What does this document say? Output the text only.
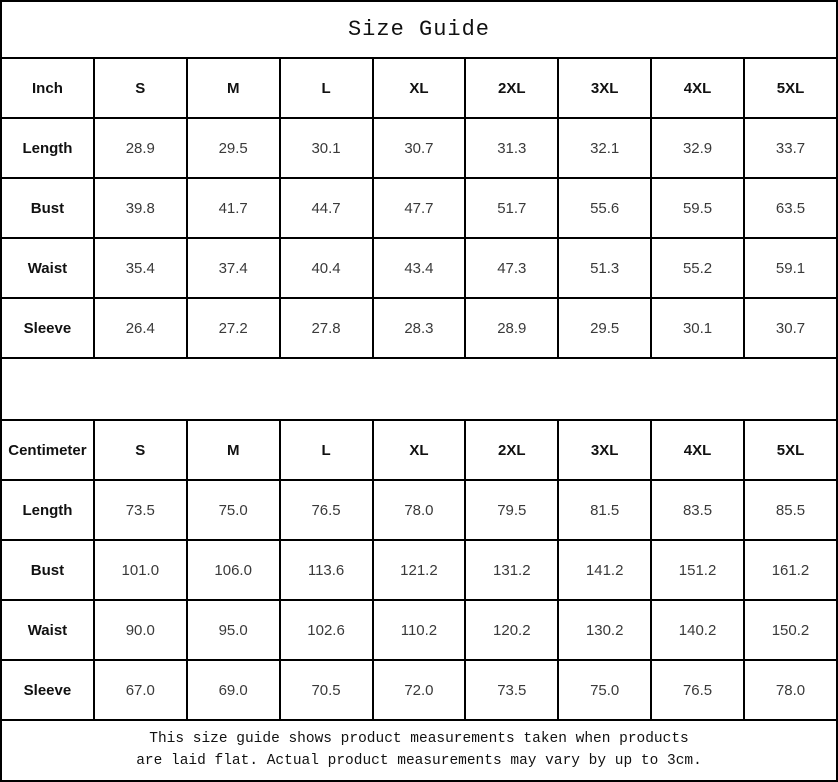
Size Guide
Inch	S	M	L	XL	2XL	3XL	4XL	5XL
Length	28.9	29.5	30.1	30.7	31.3	32.1	32.9	33.7
Bust	39.8	41.7	44.7	47.7	51.7	55.6	59.5	63.5
Waist	35.4	37.4	40.4	43.4	47.3	51.3	55.2	59.1
Sleeve	26.4	27.2	27.8	28.3	28.9	29.5	30.1	30.7
Centimeter	S	M	L	XL	2XL	3XL	4XL	5XL
Length	73.5	75.0	76.5	78.0	79.5	81.5	83.5	85.5
Bust	101.0	106.0	113.6	121.2	131.2	141.2	151.2	161.2
Waist	90.0	95.0	102.6	110.2	120.2	130.2	140.2	150.2
Sleeve	67.0	69.0	70.5	72.0	73.5	75.0	76.5	78.0
This size guide shows product measurements taken when products
are laid flat. Actual product measurements may vary by up to 3cm.
